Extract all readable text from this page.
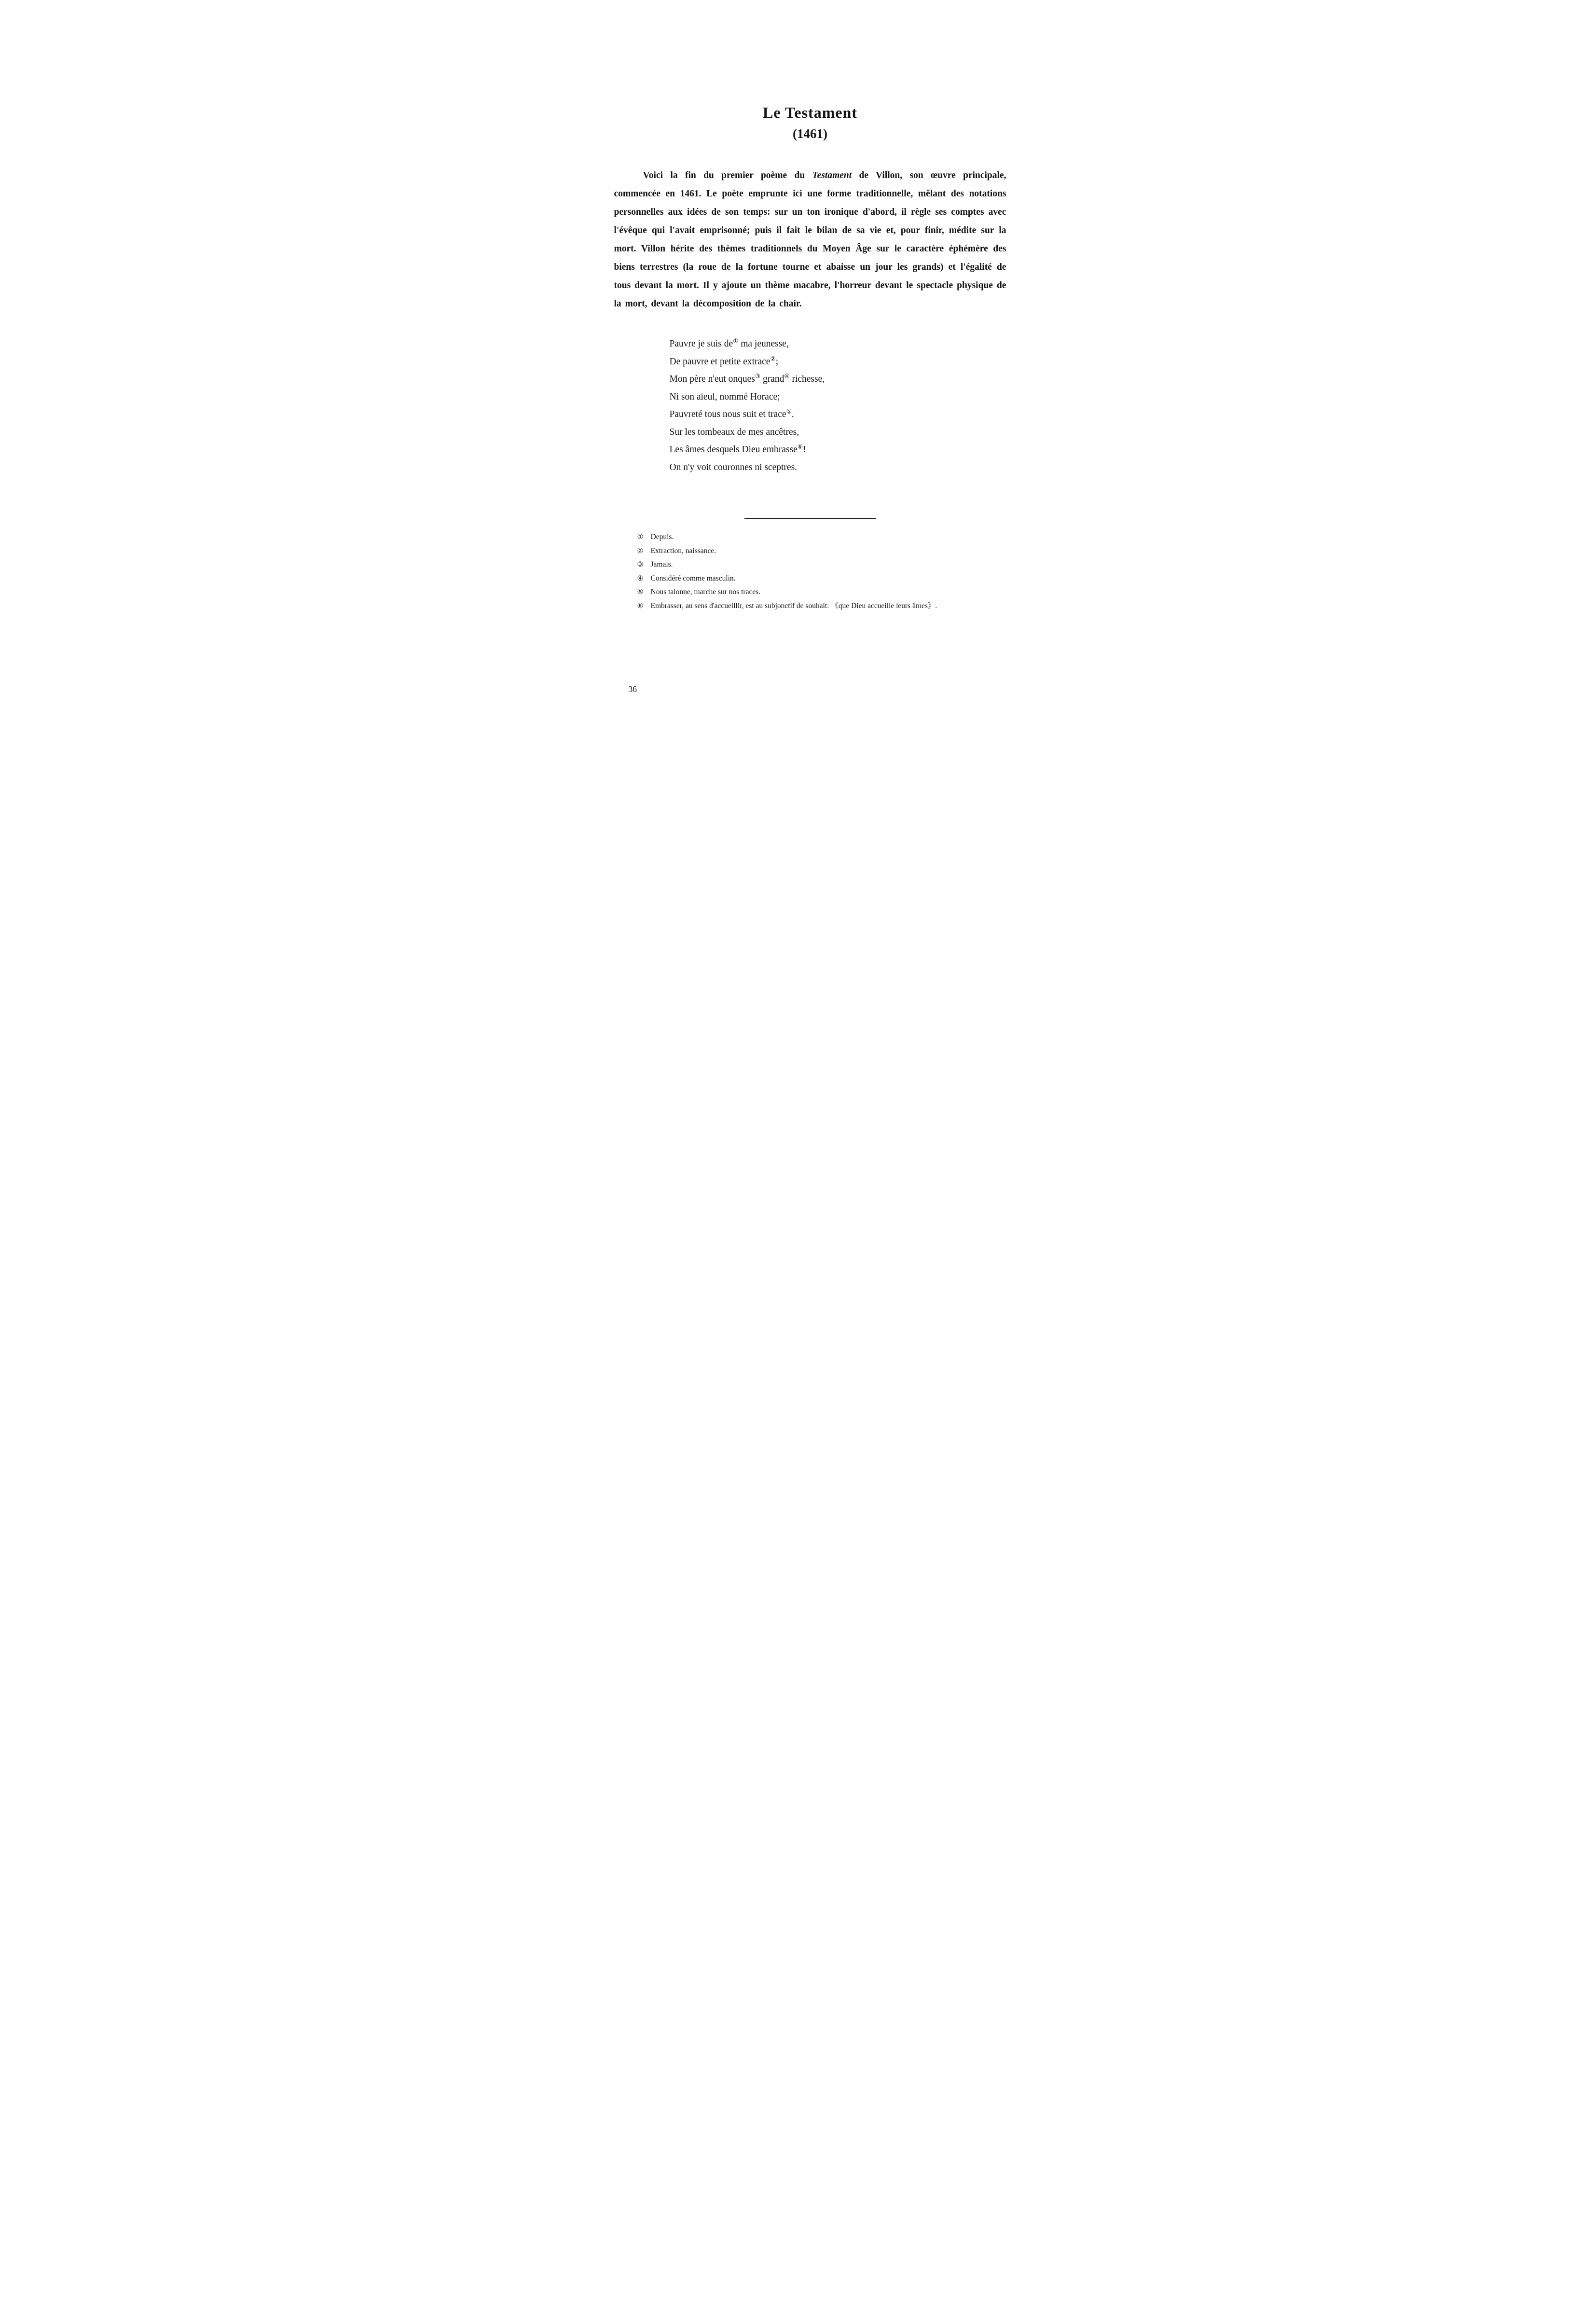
Le Testament
(1461)

Voici la fin du premier poème du Testament de Villon, son œuvre principale, commencée en 1461. Le poète emprunte ici une forme traditionnelle, mêlant des notations personnelles aux idées de son temps: sur un ton ironique d'abord, il règle ses comptes avec l'évêque qui l'avait emprisonné; puis il fait le bilan de sa vie et, pour finir, médite sur la mort. Villon hérite des thèmes traditionnels du Moyen Âge sur le caractère éphémère des biens terrestres (la roue de la fortune tourne et abaisse un jour les grands) et l'égalité de tous devant la mort. Il y ajoute un thème macabre, l'horreur devant le spectacle physique de la mort, devant la décomposition de la chair.

Pauvre je suis de① ma jeunesse,
De pauvre et petite extrace②;
Mon père n'eut onques③ grand④ richesse,
Ni son aïeul, nommé Horace;
Pauvreté tous nous suit et trace⑤.
Sur les tombeaux de mes ancêtres,
Les âmes desquels Dieu embrasse⑥!
On n'y voit couronnes ni sceptres.

① Depuis.

② Extraction, naissance.

③ Jamais.

④ Considéré comme masculin.

⑤ Nous talonne, marche sur nos traces.

⑥ Embrasser, au sens d'accueillir, est au subjonctif de souhait: 《que Dieu accueille leurs âmes》.

36
